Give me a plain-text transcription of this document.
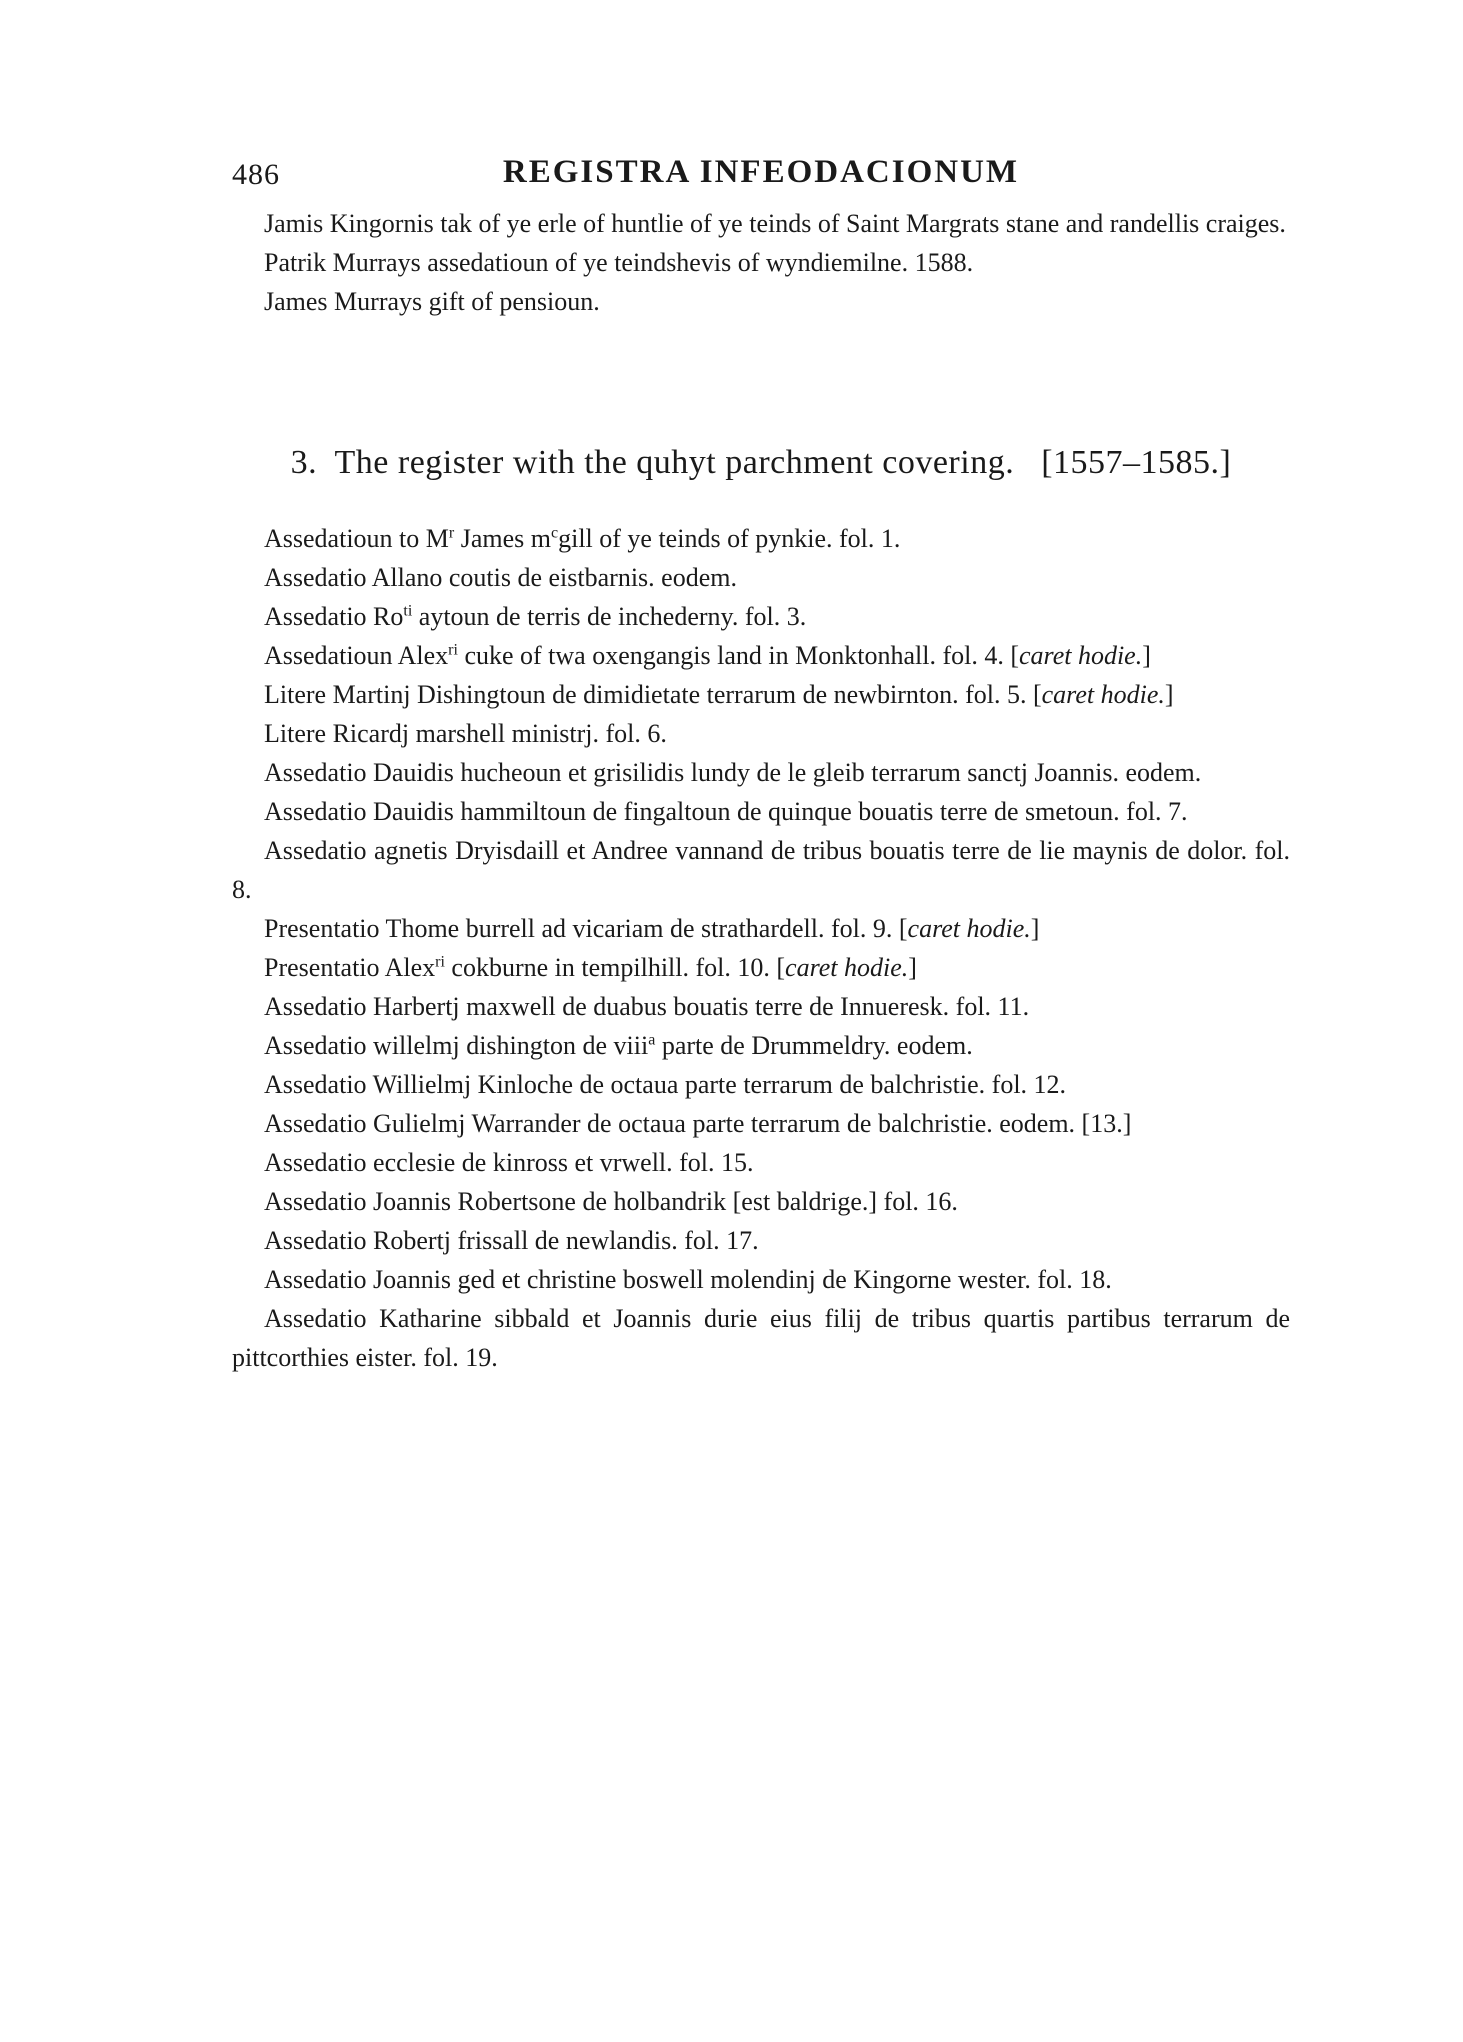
486	REGISTRA INFEODACIONUM

Jamis Kingornis tak of ye erle of huntlie of ye teinds of Saint Margrats stane and randellis craiges.

Patrik Murrays assedatioun of ye teindshevis of wyndiemilne. 1588.

James Murrays gift of pensioun.

3. The register with the quhyt parchment covering. [1557–1585.]

Assedatioun to $M^r$ James $m^cgill$ of ye teinds of pynkie. fol. 1.

Assedatio Allano coutis de eistbarnis. eodem.

Assedatio $Ro^{ti}$ aytoun de terris de inchederny. fol. 3.

Assedatioun Alex$^{ri}$ cuke of twa oxengangis land in Monktonhall. fol. 4. [caret hodie.]

Litere Martinj Dishingtoun de dimidietate terrarum de newbirnton. fol. 5. [caret hodie.]

Litere Ricardj marshell ministrj. fol. 6.

Assedatio Dauidis hucheoun et grisilidis lundy de le gleib terrarum sanctj Joannis. eodem.

Assedatio Dauidis hammiltoun de fingaltoun de quinque bouatis terre de smetoun. fol. 7.

Assedatio agnetis Dryisdaill et Andree vannand de tribus bouatis terre de lie maynis de dolor. fol. 8.

Presentatio Thome burrell ad vicariam de strathardell. fol. 9. [caret hodie.]

Presentatio Alex$^{ri}$ cokburne in tempilhill. fol. 10. [caret hodie.]

Assedatio Harbertj maxwell de duabus bouatis terre de Innueresk. fol. 11.

Assedatio willelmj dishington de viii$^a$ parte de Drummeldry. eodem.

Assedatio Willielmj Kinloche de octaua parte terrarum de balchristie. fol. 12.

Assedatio Gulielmj Warrander de octaua parte terrarum de balchristie. eodem. [13.]

Assedatio ecclesie de kinross et vrwell. fol. 15.

Assedatio Joannis Robertsone de holbandrik [est baldrige.] fol. 16.

Assedatio Robertj frissall de newlandis. fol. 17.

Assedatio Joannis ged et christine boswell molendinj de Kingorne wester. fol. 18.

Assedatio Katharine sibbald et Joannis durie eius filij de tribus quartis partibus terrarum de pittcorthies eister. fol. 19.
